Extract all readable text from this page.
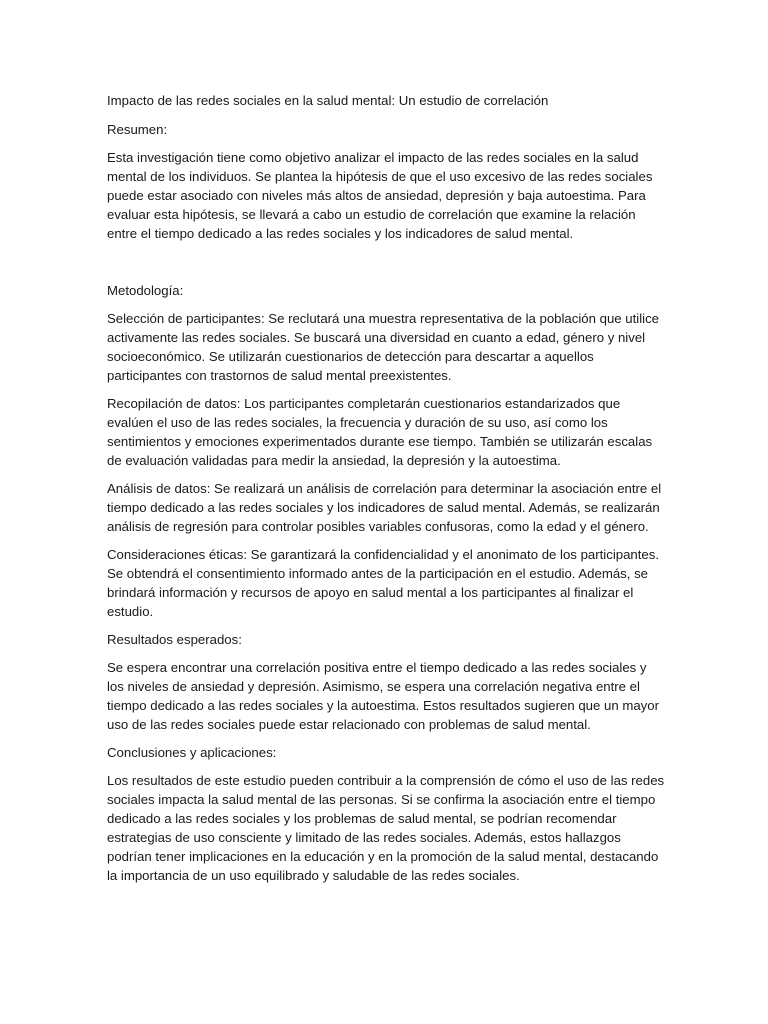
Impacto de las redes sociales en la salud mental: Un estudio de correlación

Resumen:

Esta investigación tiene como objetivo analizar el impacto de las redes sociales en la salud mental de los individuos. Se plantea la hipótesis de que el uso excesivo de las redes sociales puede estar asociado con niveles más altos de ansiedad, depresión y baja autoestima. Para evaluar esta hipótesis, se llevará a cabo un estudio de correlación que examine la relación entre el tiempo dedicado a las redes sociales y los indicadores de salud mental.

Metodología:

Selección de participantes: Se reclutará una muestra representativa de la población que utilice activamente las redes sociales. Se buscará una diversidad en cuanto a edad, género y nivel socioeconómico. Se utilizarán cuestionarios de detección para descartar a aquellos participantes con trastornos de salud mental preexistentes.

Recopilación de datos: Los participantes completarán cuestionarios estandarizados que evalúen el uso de las redes sociales, la frecuencia y duración de su uso, así como los sentimientos y emociones experimentados durante ese tiempo. También se utilizarán escalas de evaluación validadas para medir la ansiedad, la depresión y la autoestima.

Análisis de datos: Se realizará un análisis de correlación para determinar la asociación entre el tiempo dedicado a las redes sociales y los indicadores de salud mental. Además, se realizarán análisis de regresión para controlar posibles variables confusoras, como la edad y el género.

Consideraciones éticas: Se garantizará la confidencialidad y el anonimato de los participantes. Se obtendrá el consentimiento informado antes de la participación en el estudio. Además, se brindará información y recursos de apoyo en salud mental a los participantes al finalizar el estudio.

Resultados esperados:

Se espera encontrar una correlación positiva entre el tiempo dedicado a las redes sociales y los niveles de ansiedad y depresión. Asimismo, se espera una correlación negativa entre el tiempo dedicado a las redes sociales y la autoestima. Estos resultados sugieren que un mayor uso de las redes sociales puede estar relacionado con problemas de salud mental.

Conclusiones y aplicaciones:

Los resultados de este estudio pueden contribuir a la comprensión de cómo el uso de las redes sociales impacta la salud mental de las personas. Si se confirma la asociación entre el tiempo dedicado a las redes sociales y los problemas de salud mental, se podrían recomendar estrategias de uso consciente y limitado de las redes sociales. Además, estos hallazgos podrían tener implicaciones en la educación y en la promoción de la salud mental, destacando la importancia de un uso equilibrado y saludable de las redes sociales.
